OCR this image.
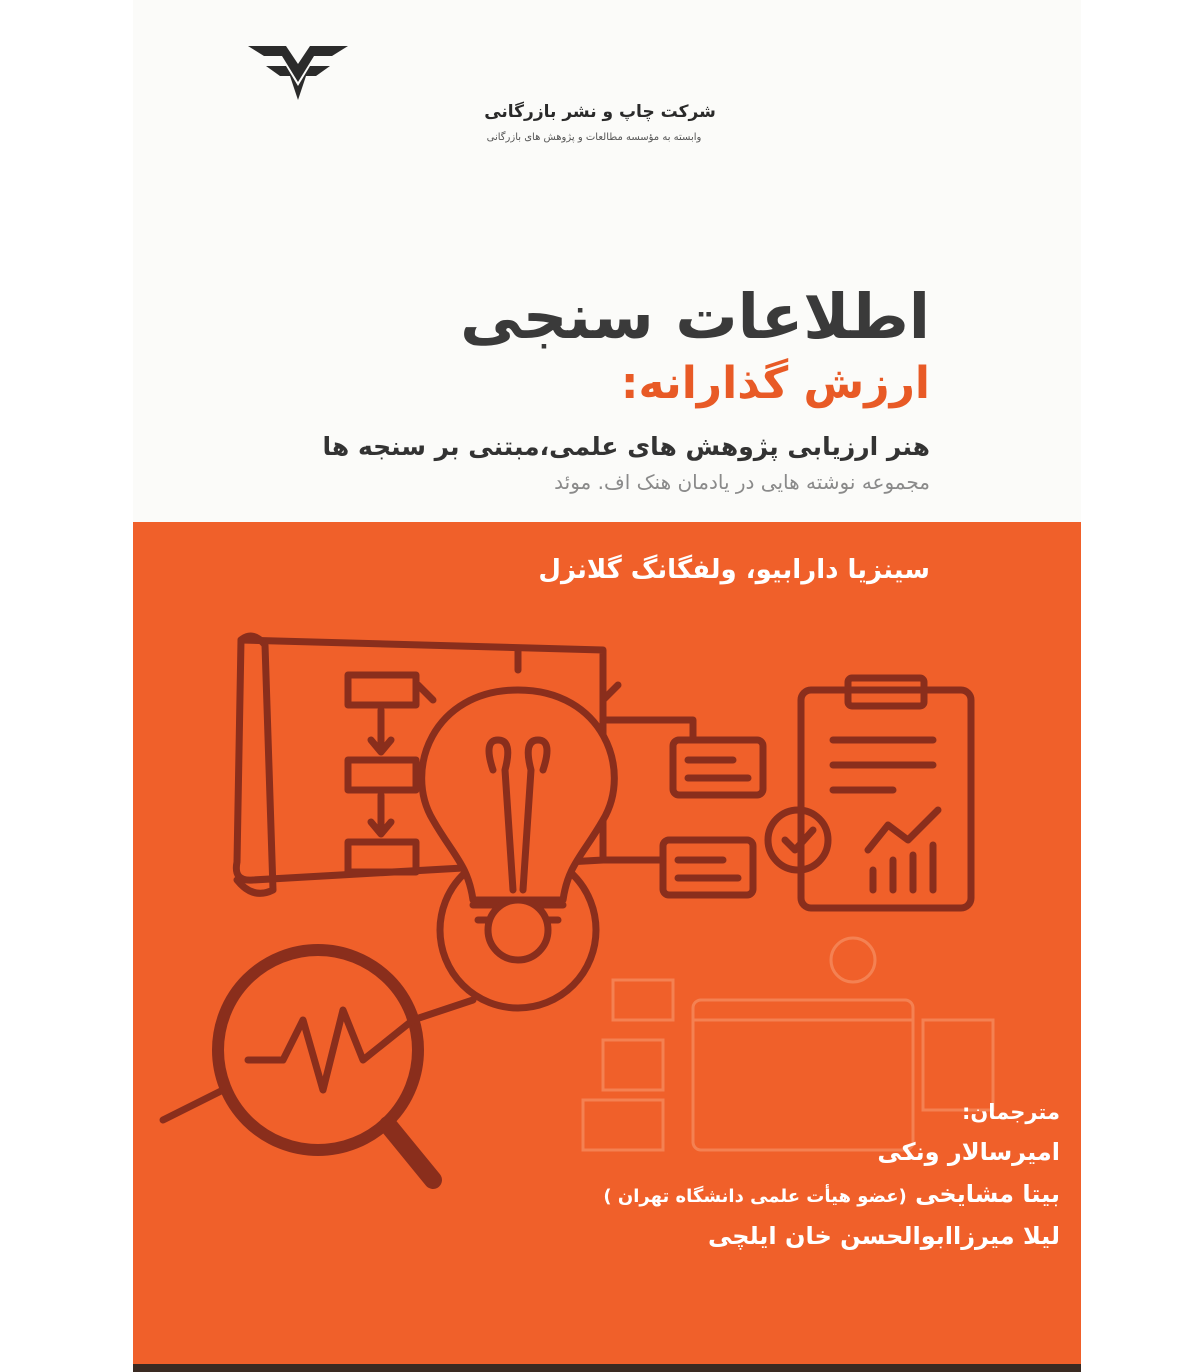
شرکت چاپ و نشر بازرگانی
وابسته به مؤسسه مطالعات و پژوهش های بازرگانی
اطلاعات سنجی
ارزش گذارانه:
هنر ارزیابی پژوهش های علمی،مبتنی بر سنجه ها
مجموعه نوشته هایی در یادمان هنک اف. موئد
سینزیا دارابیو، ولفگانگ گلانزل
مترجمان:
امیرسالار ونکی
بیتا مشایخی (عضو هیأت علمی دانشگاه تهران )
لیلا میرزاابوالحسن خان ایلچی
